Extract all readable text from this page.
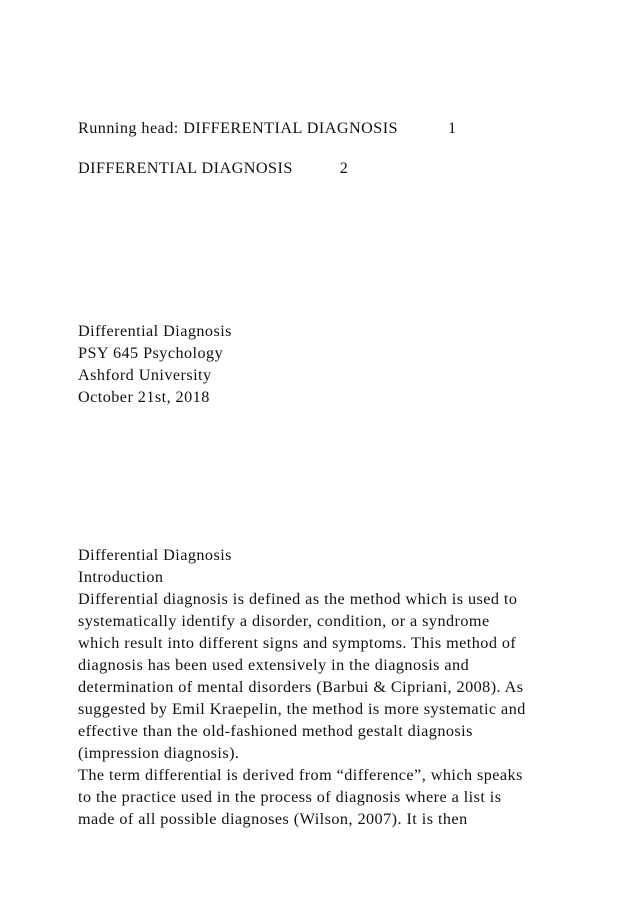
Running head: DIFFERENTIAL DIAGNOSIS	1
DIFFERENTIAL DIAGNOSIS	2
Differential Diagnosis
PSY 645 Psychology
Ashford University
October 21st, 2018
Differential Diagnosis
Introduction
Differential diagnosis is defined as the method which is used to
systematically identify a disorder, condition, or a syndrome
which result into different signs and symptoms. This method of
diagnosis has been used extensively in the diagnosis and
determination of mental disorders (Barbui & Cipriani, 2008). As
suggested by Emil Kraepelin, the method is more systematic and
effective than the old-fashioned method gestalt diagnosis
(impression diagnosis).
The term differential is derived from “difference”, which speaks
to the practice used in the process of diagnosis where a list is
made of all possible diagnoses (Wilson, 2007). It is then
